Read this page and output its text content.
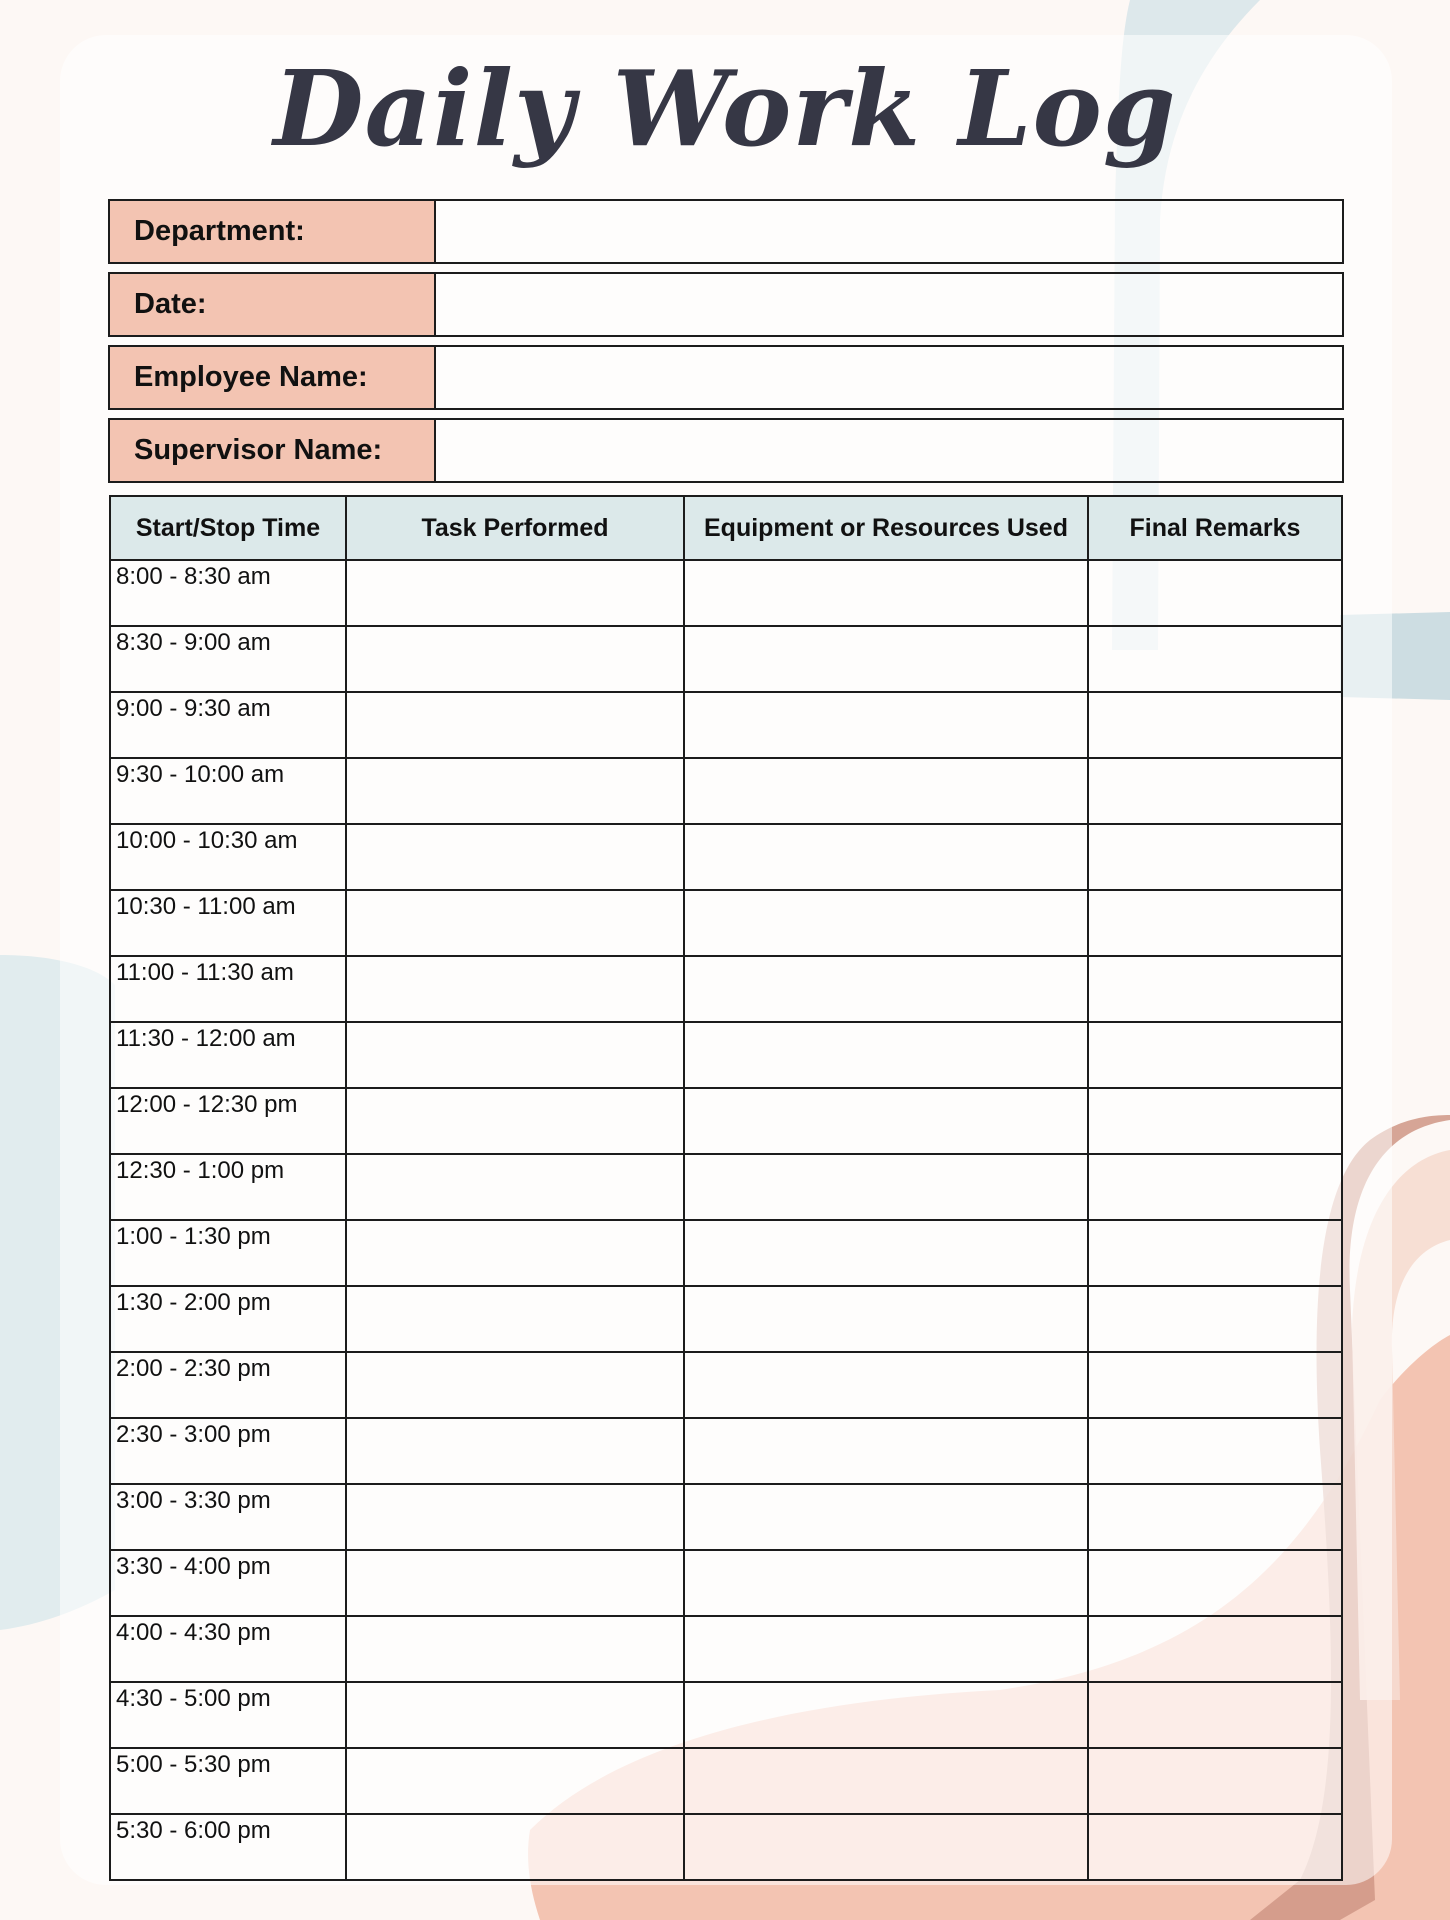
Daily Work Log
Department:
Date:
Employee Name:
Supervisor Name:
Start/Stop Time	Task Performed	Equipment or Resources Used	Final Remarks
8:00 - 8:30 am			
8:30 - 9:00 am			
9:00 - 9:30 am			
9:30 - 10:00 am			
10:00 - 10:30 am			
10:30 - 11:00 am			
11:00 - 11:30 am			
11:30 - 12:00 am			
12:00 - 12:30 pm			
12:30 - 1:00 pm			
1:00 - 1:30 pm			
1:30 - 2:00 pm			
2:00 - 2:30 pm			
2:30 - 3:00 pm			
3:00 - 3:30 pm			
3:30 - 4:00 pm			
4:00 - 4:30 pm			
4:30 - 5:00 pm			
5:00 - 5:30 pm			
5:30 - 6:00 pm			
